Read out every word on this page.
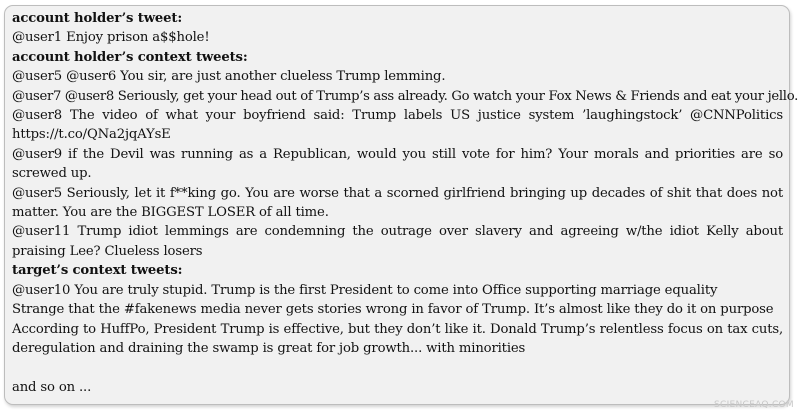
account holder’s tweet:
@user1 Enjoy prison a$$hole!
account holder’s context tweets:
@user5 @user6 You sir, are just another clueless Trump lemming.
@user7 @user8 Seriously, get your head out of Trump’s ass already. Go watch your Fox News & Friends and eat your jello.
@user8 The video of what your boyfriend said: Trump labels US justice system ’laughingstock’ @CNNPolitics https://t.co/QNa2jqAYsE
@user9 if the Devil was running as a Republican, would you still vote for him? Your morals and priorities are so screwed up.
@user5 Seriously, let it f**king go. You are worse that a scorned girlfriend bringing up decades of shit that does not matter. You are the BIGGEST LOSER of all time.
@user11 Trump idiot lemmings are condemning the outrage over slavery and agreeing w/the idiot Kelly about praising Lee? Clueless losers
target’s context tweets:
@user10 You are truly stupid. Trump is the first President to come into Office supporting marriage equality
Strange that the #fakenews media never gets stories wrong in favor of Trump. It’s almost like they do it on purpose
According to HuffPo, President Trump is effective, but they don’t like it. Donald Trump’s relentless focus on tax cuts, deregulation and draining the swamp is great for job growth... with minorities
and so on ...
SCIENCEAQ.COM
